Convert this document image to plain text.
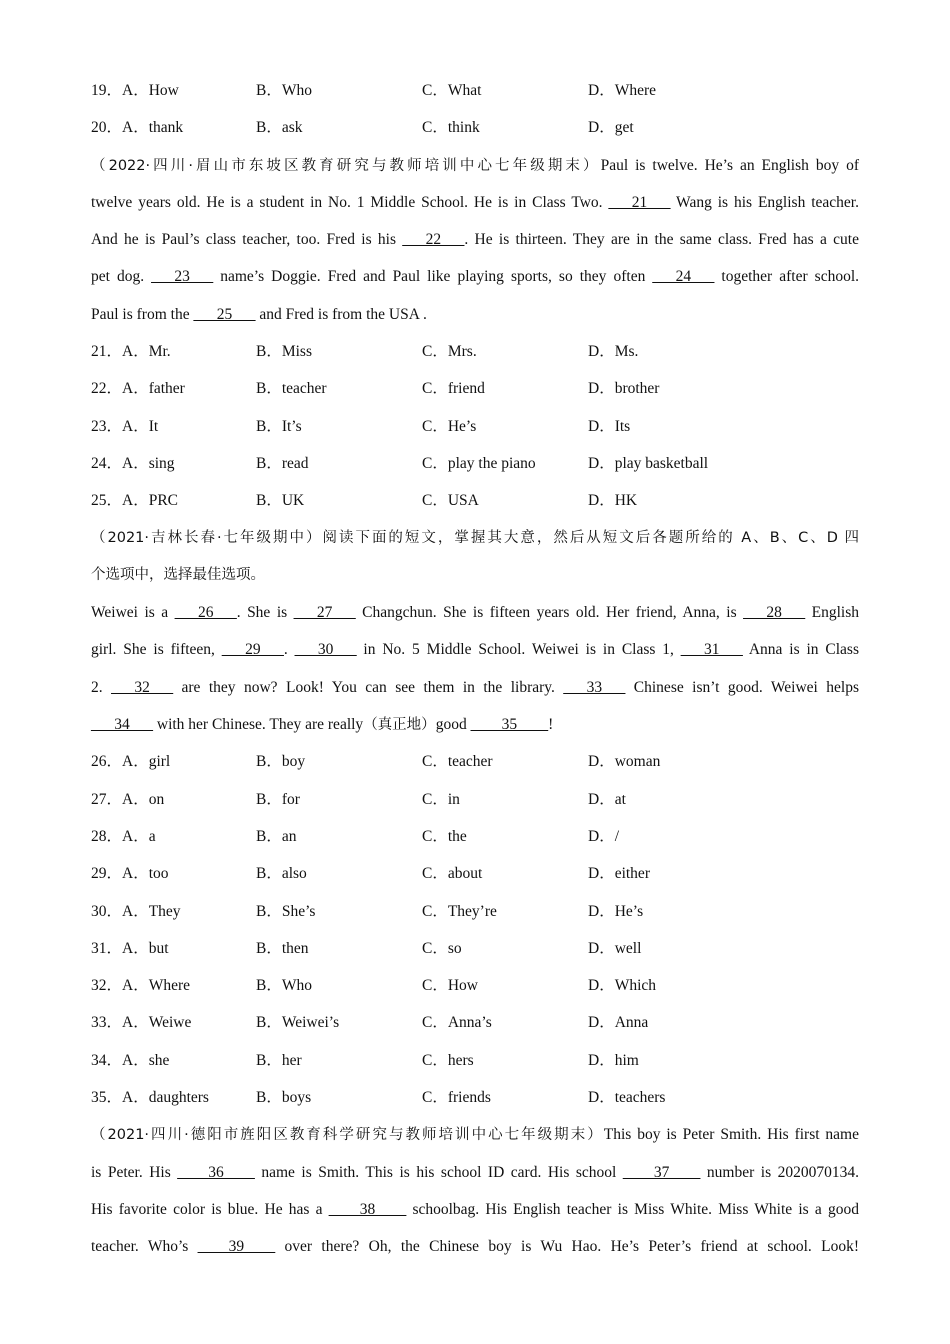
19．A．How	B．Who	C．What	D．Where
20．A．thank	B．ask	C．think	D．get
（2022·四川·眉山市东坡区教育研究与教师培训中心七年级期末）Paul is twelve. He’s an English boy of
twelve years old. He is a student in No. 1 Middle School. He is in Class Two. ___21___ Wang is his English teacher.
And he is Paul’s class teacher, too. Fred is his ___22___. He is thirteen. They are in the same class. Fred has a cute
pet dog. ___23___ name’s Doggie. Fred and Paul like playing sports, so they often ___24___ together after school.
Paul is from the ___25___ and Fred is from the USA .
21．A．Mr.	B．Miss	C．Mrs.	D．Ms.
22．A．father	B．teacher	C．friend	D．brother
23．A．It	B．It’s	C．He’s	D．Its
24．A．sing	B．read	C．play the piano	D．play basketball
25．A．PRC	B．UK	C．USA	D．HK
（2021·吉林长春·七年级期中）阅读下面的短文，掌握其大意，然后从短文后各题所给的 A、B、C、D 四
个选项中，选择最佳选项。
Weiwei is a ___26___. She is ___27___ Changchun. She is fifteen years old. Her friend, Anna, is ___28___ English
girl. She is fifteen, ___29___. ___30___ in No. 5 Middle School. Weiwei is in Class 1, ___31___ Anna is in Class
2. ___32___ are they now? Look! You can see them in the library. ___33___ Chinese isn’t good. Weiwei helps
___34___ with her Chinese. They are really（真正地）good ____35____!
26．A．girl	B．boy	C．teacher	D．woman
27．A．on	B．for	C．in	D．at
28．A．a	B．an	C．the	D．/
29．A．too	B．also	C．about	D．either
30．A．They	B．She’s	C．They’re	D．He’s
31．A．but	B．then	C．so	D．well
32．A．Where	B．Who	C．How	D．Which
33．A．Weiwe	B．Weiwei’s	C．Anna’s	D．Anna
34．A．she	B．her	C．hers	D．him
35．A．daughters	B．boys	C．friends	D．teachers
（2021·四川·德阳市旌阳区教育科学研究与教师培训中心七年级期末）This boy is Peter Smith. His first name
is Peter. His ____36____ name is Smith. This is his school ID card. His school ____37____ number is 2020070134.
His favorite color is blue. He has a ____38____ schoolbag. His English teacher is Miss White. Miss White is a good
teacher. Who’s ____39____ over there? Oh, the Chinese boy is Wu Hao. He’s Peter’s friend at school. Look!
